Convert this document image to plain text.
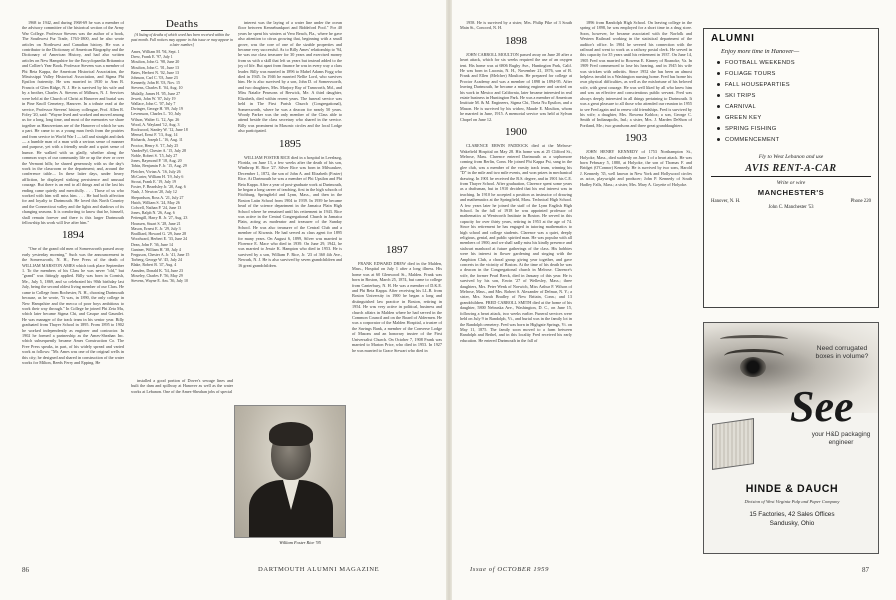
1968 to 1942, and during 1968-69 he was a member of the advisory committee of the historical section of the Army War College. Professor Stevens was the author of a book, The Southwest Fur Trade, 1763-1800, and he also wrote articles on Northwest and Canadian history. He was a contributor to the Dictionary of American Biography and the Dictionary of American History, and had also written articles on New Hampshire for the Encyclopaedia Britannica and Collier's Year Book. Professor Stevens was a member of Phi Beta Kappa, the American Historical Association, the Mississippi Valley Historical Association, and Sigma Phi Epsilon fraternity. He was married in 1930 to Ann B. Francis of Glen Ridge, N. J. He is survived by his wife and by a brother, Charles A. Stevens of Milburn, N. J. Services were held at the Church of Christ at Hanover and burial was in Pine Knoll Cemetery, Hanover. In a tribute read at the service, Professor Stevens' history colleague, Prof. Allen R. Foley '20, said: "Wayne lived and worked and moved among us for a long, long time, and most of the memories we share together as Hanoverians are of the Hanover of which he was a part. He came to us a young man fresh from the prairies and from service in World War I — tall and straight and dark — a humble man of a man with a serious sense of manner and purpose, yet with a friendly smile and a quiet sense of humor. He walked with us gladly, whether along the common ways of our community life or up the river or over the Vermont hills; he shared generously with us the day's work in the classroom or the department; and, around the conference table.... In these latter days, under heavy affliction, he displayed striking persistence and unusual courage. But there is an end to all things and at the last his ending came quietly and mercifully. . . . Those of us who worked with him will miss him. . . . He had both affection for and loyalty to Dartmouth. He loved this North Country and the Connecticut valley and the lights and shadows of its changing seasons. It is comforting to know that he, himself, shall remain forever and there is this larger Dartmouth fellowship his work will live after him."

1894

"One of the grand old men of Somersworth passed away early yesterday morning." Such was the announcement in the Somersworth, N. H., Free Press of the death of WILLIAM MARSTON AMES which took place September 1. To the members of his Class he was never "old," but "grand" was fittingly applied. Billy was born in Cornish, Me., July 5, 1869, and so celebrated his 90th birthday last July, being the second oldest living member of our Class. He came to College from Rochester, N. H., choosing Dartmouth because, as he wrote, "It was, in 1890, the only college in New Hampshire and the mecca of poor boys ambitious to work their way through." In College he joined Phi Zeta Mu, which later became Sigma Chi, and Casque and Gauntlet. He was manager of the track team in his senior year. Billy graduated from Thayer School in 1895. From 1895 to 1902 he worked independently as engineer and contractor. In 1902 he formed a partnership as the Ames-Sheahan Inc. which subsequently became Ames Construction Co. The Free Press speaks, in part, of his widely spread and varied work as follows: "Mr. Ames was one of the original wells in this city; he designed and shared in construction of the water works for Milton, Reeds Ferry and Epping. He

Deaths

[A listing of deaths of which word has been received within the past month. Full notices may appear in this issue or may appear in a later number.]

Ames, William M. '94, Sept. 1
Drew, Frank E. '97, July 1
Moulton, John G. '98, June 20
Moulton, John C. '01, June 13
Bates, Herbert N. '02, June 13
Johnson, Carl C. '03, June 23
Kennedy, John H. '03, Nov. 15
Stevens, Charles E. '04, Aug. 10
Mulally, James H. '05, June 27
Jewett, John W. '07, July 19
Wallace, John C. '07, July 7
Dwinger, George H. '09, July 19
Levensson, Charles L. '10, July
Wilson, Walter G. '12, Apr. 26
Wood, A. Wayland '12, Aug. 3
Rockwood, Stanley W. '12, June 18
Mensel, Ernst F. '13, Aug. 14
Richards, Joseph L. '16, Aug. 11
Proctor, Henry S. '17, July 25
VanderPyl, Chester A. '15, July 28
Noble, Robert S. '15, July 27
Jones, Raymond P. '18, Aug. 20
Tobin, Benjamin F. Jr. '15, Aug. 29
Fletcher, Vivian A. '16, July 26
McCarter, William H. '19, July 6
Strout, Frank E. '19, July 19
Foster, F. Beardsley Jr. '20, Aug. 6
Nash, J. Newton '20, July 12
Shepardson, Ross A. '21, July 27
Hatch, William S. '24, May 26
Cofwell, Nathan P. '24, June 13
Jones, Ralph N. '26, Aug. 6
Pettengill, Harry B. Jr. '27, Aug. 23
Houssen, Stuart S. '28, June 21
Mason, Ernest E. Jr. '29, July 3
Brailliard, Howard G. '29, June 28
Woodward, Herbert E. '33, June 24
Dean, John F. '36, June 14
Gantner, William H. '38, July 4
Ferguson, Chester A. Jr. '41, June 15
Torberg, George W. '45, July 24
Blake, Robert B. '47, Aug. 4
Amsden, Donald K. '54, June 23
Moseley, Charles F. '56, May 29
Stevens, Wayne E. Am. '36, July 10

installed a good portion of Dover's sewage lines and built the dam and spillway at Hanover as well as the water works at Lebanon. One of the Ames-Sheahan jobs of special

interest was the laying of a water line under the ocean floor between Kennebunkport and Biddeford Pool." For 40 years he spent his winters at Vero Beach, Fla., where he gave also attention to citrus growing that, beginning with a small grove, was the core of one of the sizable properties and became very successful. As to Billy Ames' relationship to '94, he was our class treasurer for 30 years and exercised money from us with a skill that left us years but instead added to the joy of life. But apart from finance he was in every way a class leader. Billy was married in 1896 to Mabel Adams Fogg who died in 1945. In 1946 he married Nellie Lord, who survives him. He is also survived by a son, John D. of Somersworth, and two daughters, Mrs. Marjory Ray of Tamworth, Md., and Miss Natalie Pearsons of Berwick, Me. A third daughter, Elizabeth, died within recent years. The funeral service was held in The First Parish Church (Congregational), Somersworth, where he was a deacon for nearly 50 years. Woody Parker was the only member of the Class able to attend beside the class secretary who shared in the service. Billy was prominent in Masonic circles and the local Lodge also participated.

1895

WILLIAM FOSTER RICE died in a hospital in Leesburg, Florida, on June 13, a few weeks after the death of his son, Winthrop H. Rice '27. Silver Rice was born in Milwaukee, December 1, 1872, the son of John A. and Elizabeth (Foster) Rice. At Dartmouth he was a member of Phi Upsilon and Phi Beta Kappa. After a year of post-graduate work at Dartmouth, he began a long career of teaching, first in the high schools of Fitchburg, Springfield and Lynn, Mass., and then in the Boston Latin School from 1904 to 1939. In 1939 he became head of the science department in the Jamaica Plain High School where he remained until his retirement in 1943. Rice was active in the Central Congregational Church in Jamaica Plain, acting as moderator and treasurer of the Sunday School. He was also treasurer of the Central Club and a member of Kiwanis. He had served as class agent for 1895 for many years. On August 6, 1899, Silver was married to Florence E. Mace who died in 1939. On June 29, 1942, he was married to Jessie K. Hampton who died in 1953. He is survived by a son, William F. Rice, Jr. '23 of 360 4th Ave., Newark, N. J. He is also survived by seven grandchildren and 16 great grandchildren.

1897

FRANK EDWARD DREW died in the Malden, Mass., Hospital on July 1 after a long illness. His home was at 60 Glenwood St., Malden. Frank was born in Boston, March 25, 1874, but came to college from Canterbury, N. H. He was a member of D.K.E. and Phi Beta Kappa. After receiving his LL.B. from Boston University in 1900 he began a long and distinguished law practice in Boston, retiring in 1954. He was very active in political, business and church affairs in Malden where he had served in the Common Council and on the Board of Aldermen. He was a corporator of the Malden Hospital, a trustee of the Savings Bank, a member of the Converse Lodge of Masons and an honorary trustee of the First Universalist Church. On October 7, 1908 Frank was married to Marion Price, who died in 1953. In 1927 he was married to Grace Stewart who died in

William Foster Rice '95
86	DARTMOUTH ALUMNI MAGAZINE

1958. He is survived by a sister, Mrs. Philip Pike of 3 South Main St., Concord, N. H.

1898

JOHN CARROLL MOULTON passed away on June 20 after a heart attack, which for six weeks required the use of an oxygen tent. His home was at 6806 Rugby Ave., Huntington Park, Calif. He was born in Laconia, N. H., November 21, 1876, son of B. Frank and Ellen (Melcher) Moulton. He prepared for college at Proctor Academy and was a member of 1898 in 1894-95. After leaving Dartmouth, he became a mining engineer and carried on his work in Mexico and California, later became interested in real estate business in Huntington Park. He was a member of American Institute M. & M. Engineers, Sigma Chi, Theta Nu Epsilon, and a Mason. He is survived by his widow, Maude E. Moulton, whom he married in June, 1915. A memorial service was held at Sylvan Chapel on June 12.

1900

CLARENCE ERWIN PADDOCK died at the Melrose-Wakefield Hospital on May 28. His home was at 25 Clifford St., Melrose, Mass. Clarence entered Dartmouth as a sophomore coming from Berlin, Conn. He joined Phi Kappa Psi, sang in the glee club, was a member of the varsity track team, winning his "D" in the mile and two mile events, and won prizes in mechanical drawing. In 1901 he received the B.S. degree, and in 1901 his C.E. from Thayer School. After graduation, Clarence spent some years as a draftsman, but in 1910 decided that his real interest was in teaching. In 1910 he accepted a position as instructor of drawing and mathematics at the Springfield, Mass. Technical High School. A few years later he joined the staff of the Lynn English High School. In the fall of 1918 he was appointed professor of mathematics at Wentworth Institute in Boston. He served in this capacity for over thirty years, retiring in 1953 at the age of 74. Since his retirement he has engaged in tutoring mathematics to high school and college students. Clarence was a quiet, deeply religious, genial, and public spirited man. He was popular with all members of 1900, and we shall sadly miss his kindly presence and stalwart manhood at future gatherings of the class. His hobbies were his interest in flower gardening and singing with the Amphion Club, a choral group giving year together, and gave concerts in the vicinity of Boston. At the time of his death he was a deacon in the Congregational church in Melrose. Clarence's wife, the former Pearl Breck, died in January of this year. He is survived by his son, Erwin '27 of Wellesley, Mass.; three daughters, Mrs. Peter Wenk of Norwich, Miss Arthur F. Wilson of Melrose, Mass., and Mrs. Robert S. Alexander of Delmar, N. Y.; a sister, Mrs. Sarah Bradley of New Britain, Conn.; and 13 grandchildren. FRED CARROLL SMITH died at the home of his daughter, 5800 Nebraska Ave., Washington, D. C., on June 15, following a heart attack, two weeks earlier. Funeral services were held on July 9 in Randolph, Vt., and burial was in the family lot in the Randolph cemetery. Fred was born in Highgate Springs, Vt. on May 11, 1875. The family soon moved to a farm between Randolph and Bethel, and in this locality Fred received his early education. He entered Dartmouth in the fall of

1896 from Randolph High School. On leaving college in the spring of 1898, he was employed for a short time in a drug store. Soon, however, he became associated with the Norfolk and Western Railroad working in the statistical department of the auditor's office. In 1904 he severed his connection with the railroad and went to work as a railway postal clerk. He served in this capacity for 35 years until his retirement in 1937. On June 14, 1905 Fred was married to Rowena E. Kinney of Roanoke, Va. In 1909 Fred commenced to lose his hearing, and in 1945 his wife was stricken with arthritis. Since 1952 she has been an almost helpless invalid in a Washington nursing home. Fred has borne his own physical difficulties, as well as the misfortune of his beloved wife, with great courage. He was well liked by all who knew him and was an effective and conscientious public servant. Fred was always deeply interested in all things pertaining to Dartmouth. It was a great pleasure to all those who attended our reunion in 1955 to see Fred again and to renew old friendships. Fred is survived by his wife; a daughter, Mrs. Rowena Kohlox; a son, George C. Smith of Indianapolis, Ind.; a sister, Mrs. J. Marden DeShon of Portland, Me.; two grandsons and three great granddaughters.

1903

JOHN HENRY KENNEDY of 1753 Northampton St., Holyoke, Mass., died suddenly on June 1 of a heart attack. He was born February 5, 1880, at Holyoke, the son of Thomas F. and Bridget (O'Connor) Kennedy. He is survived by two sons, Harold J. Kennedy '35, well known in New York and Hollywood circles as actor, playwright and producer; John P. Kennedy of South Hadley Falls, Mass.; a sister, Mrs. Mary A. Goyette of Holyoke.

ALUMNI
Enjoy more time in Hanover—
FOOTBALL WEEKENDS
FOLIAGE TOURS
FALL HOUSEPARTIES
SKI TRIPS
CARNIVAL
GREEN KEY
SPRING FISHING
COMMENCEMENT
Fly to West Lebanon and use
AVIS RENT-A-CAR
Write or wire
MANCHESTER'S
Hanover, N. H.	Phone 220
John C. Manchester '53
Need corrugated boxes in volume?
See
your H&D packaging engineer
HINDE & DAUCH
Division of West Virginia Pulp and Paper Company
15 Factories, 42 Sales Offices
Sandusky, Ohio
Issue of OCTOBER 1959	87
